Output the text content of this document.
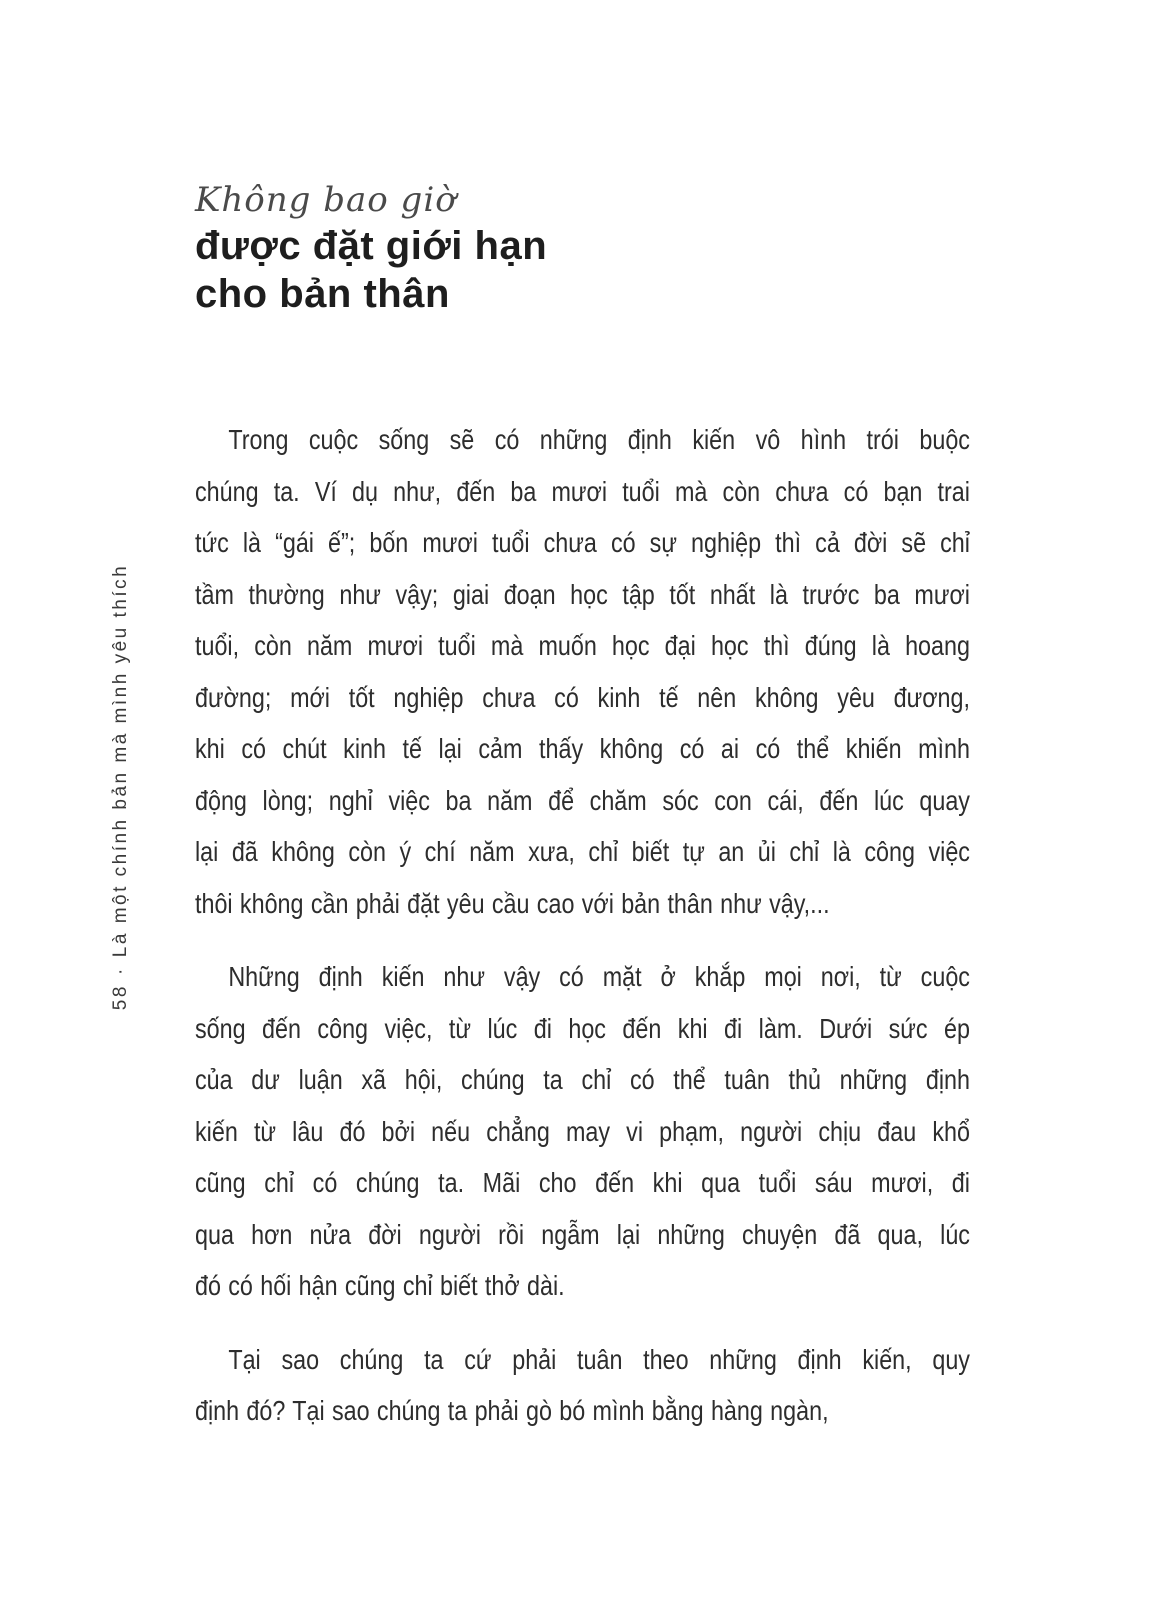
58·Là một chính bản mà mình yêu thích
Không bao giờ
được đặt giới hạn
cho bản thân
Trong cuộc sống sẽ có những định kiến vô hình trói buộc
chúng ta. Ví dụ như, đến ba mươi tuổi mà còn chưa có bạn trai
tức là “gái ế”; bốn mươi tuổi chưa có sự nghiệp thì cả đời sẽ chỉ
tầm thường như vậy; giai đoạn học tập tốt nhất là trước ba mươi
tuổi, còn năm mươi tuổi mà muốn học đại học thì đúng là hoang
đường; mới tốt nghiệp chưa có kinh tế nên không yêu đương,
khi có chút kinh tế lại cảm thấy không có ai có thể khiến mình
động lòng; nghỉ việc ba năm để chăm sóc con cái, đến lúc quay
lại đã không còn ý chí năm xưa, chỉ biết tự an ủi chỉ là công việc
thôi không cần phải đặt yêu cầu cao với bản thân như vậy,...
Những định kiến như vậy có mặt ở khắp mọi nơi, từ cuộc
sống đến công việc, từ lúc đi học đến khi đi làm. Dưới sức ép
của dư luận xã hội, chúng ta chỉ có thể tuân thủ những định
kiến từ lâu đó bởi nếu chẳng may vi phạm, người chịu đau khổ
cũng chỉ có chúng ta. Mãi cho đến khi qua tuổi sáu mươi, đi
qua hơn nửa đời người rồi ngẫm lại những chuyện đã qua, lúc
đó có hối hận cũng chỉ biết thở dài.
Tại sao chúng ta cứ phải tuân theo những định kiến, quy
định đó? Tại sao chúng ta phải gò bó mình bằng hàng ngàn,
